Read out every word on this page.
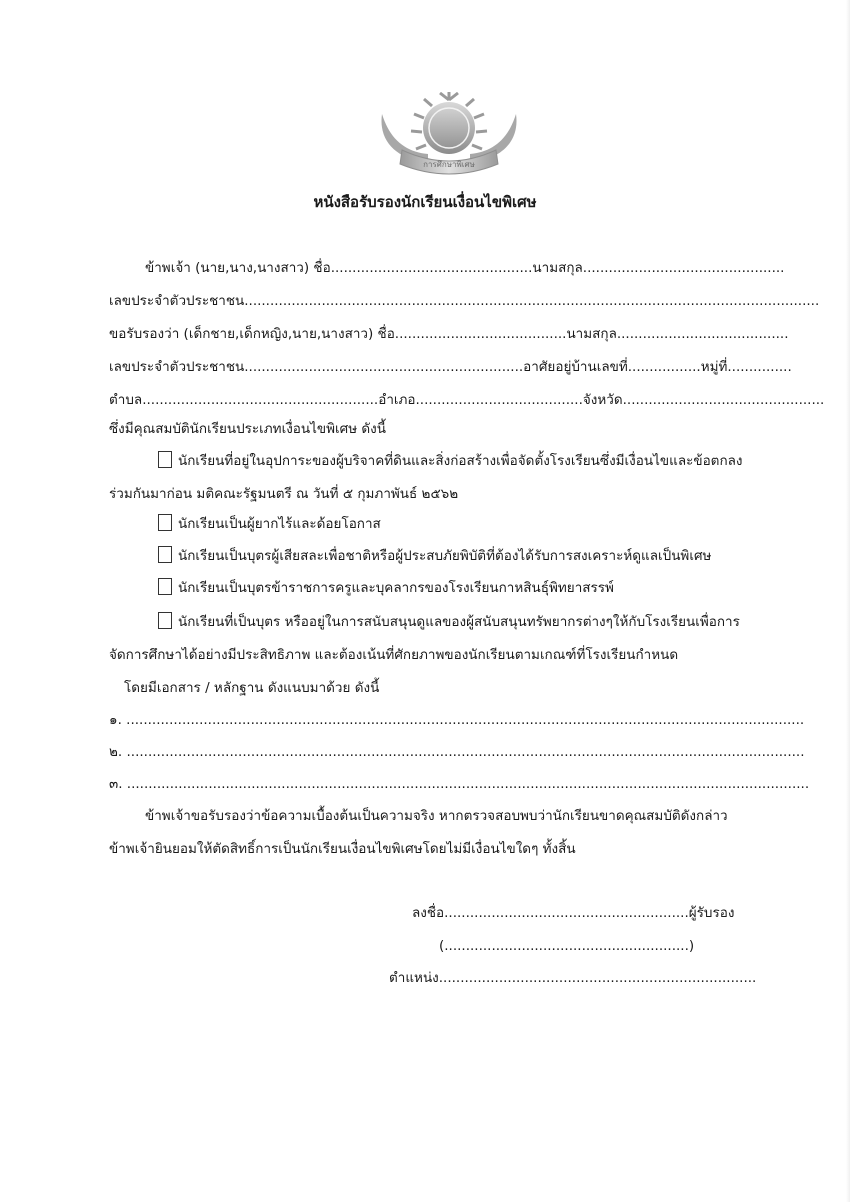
การศึกษาพิเศษ
หนังสือรับรองนักเรียนเงื่อนไขพิเศษ
ข้าพเจ้า (นาย,นาง,นางสาว) ชื่อ...............................................นามสกุล...............................................
เลขประจำตัวประชาชน......................................................................................................................................
ขอรับรองว่า (เด็กชาย,เด็กหญิง,นาย,นางสาว) ชื่อ........................................นามสกุล........................................
เลขประจำตัวประชาชน.................................................................อาศัยอยู่บ้านเลขที่.................หมู่ที่...............
ตำบล.......................................................อำเภอ.......................................จังหวัด...............................................
ซึ่งมีคุณสมบัตินักเรียนประเภทเงื่อนไขพิเศษ ดังนี้
นักเรียนที่อยู่ในอุปการะของผู้บริจาคที่ดินและสิ่งก่อสร้างเพื่อจัดตั้งโรงเรียนซึ่งมีเงื่อนไขและข้อตกลง
ร่วมกันมาก่อน มติคณะรัฐมนตรี ณ วันที่ ๕ กุมภาพันธ์ ๒๕๖๒
นักเรียนเป็นผู้ยากไร้และด้อยโอกาส
นักเรียนเป็นบุตรผู้เสียสละเพื่อชาติหรือผู้ประสบภัยพิบัติที่ต้องได้รับการสงเคราะห์ดูแลเป็นพิเศษ
นักเรียนเป็นบุตรข้าราชการครูและบุคลากรของโรงเรียนกาหสินธุ์พิทยาสรรพ์
นักเรียนที่เป็นบุตร หรืออยู่ในการสนับสนุนดูแลของผู้สนับสนุนทรัพยากรต่างๆให้กับโรงเรียนเพื่อการ
จัดการศึกษาได้อย่างมีประสิทธิภาพ และต้องเน้นที่ศักยภาพของนักเรียนตามเกณฑ์ที่โรงเรียนกำหนด
โดยมีเอกสาร / หลักฐาน ดังแนบมาด้วย ดังนี้
๑. ..............................................................................................................................................................
๒. ..............................................................................................................................................................
๓. ...............................................................................................................................................................
ข้าพเจ้าขอรับรองว่าข้อความเบื้องต้นเป็นความจริง หากตรวจสอบพบว่านักเรียนขาดคุณสมบัติดังกล่าว
ข้าพเจ้ายินยอมให้ตัดสิทธิ์การเป็นนักเรียนเงื่อนไขพิเศษโดยไม่มีเงื่อนไขใดๆ ทั้งสิ้น
ลงชื่อ.........................................................ผู้รับรอง
(.........................................................)
ตำแหน่ง..........................................................................
